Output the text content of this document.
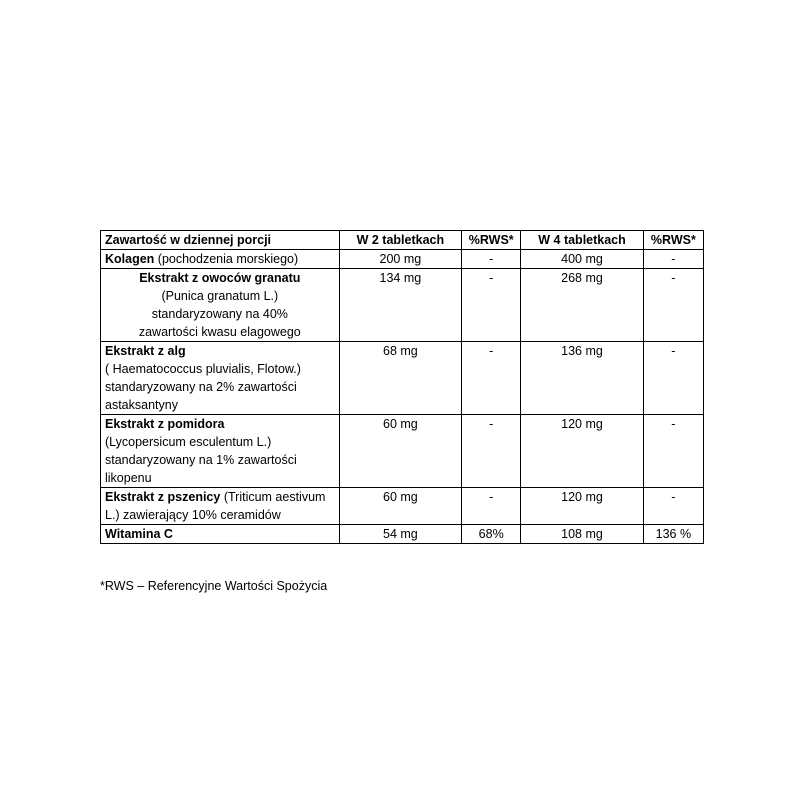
Zawartość w dziennej porcji	W 2 tabletkach	%RWS*	W 4 tabletkach	%RWS*
Kolagen (pochodzenia morskiego)	200 mg	-	400 mg	-

Ekstrakt z owoców granatu
(Punica granatum L.)
standaryzowany na 40%
zawartości kwasu elagowego	134 mg	-	268 mg	-

Ekstrakt z alg
( Haematococcus pluvialis, Flotow.) standaryzowany na 2% zawartości astaksantyny	68 mg	-	136 mg	-

Ekstrakt z pomidora
(Lycopersicum esculentum L.) standaryzowany na 1% zawartości likopenu	60 mg	-	120 mg	-
Ekstrakt z pszenicy (Triticum aestivum L.) zawierający 10% ceramidów	60 mg	-	120 mg	-
Witamina C	54 mg	68%	108 mg	136 %

*RWS – Referencyjne Wartości Spożycia
